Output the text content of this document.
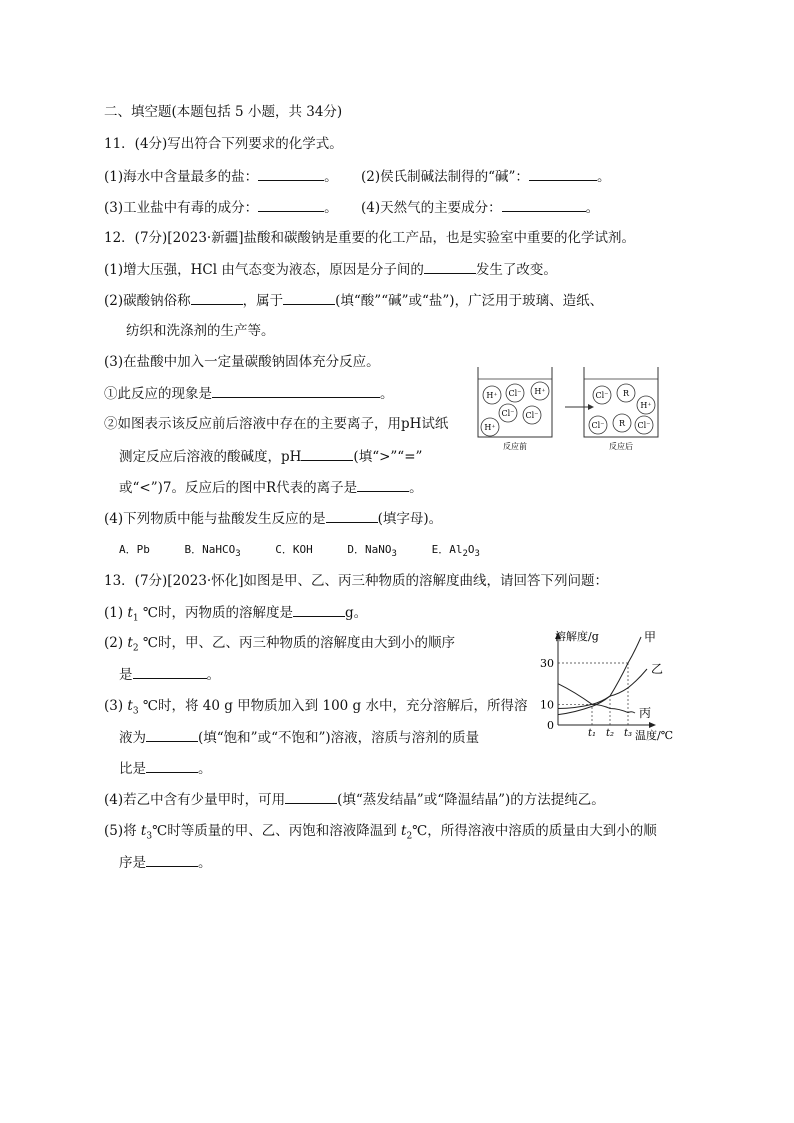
二、填空题(本题包括 5 小题，共 34分)
11．(4分)写出符合下列要求的化学式。
(1)海水中含量最多的盐：	。 (2)侯氏制碱法制得的“碱”：	。
(3)工业盐中有毒的成分：	。 (4)天然气的主要成分：	。
12．(7分)[2023·新疆]盐酸和碳酸钠是重要的化工产品，也是实验室中重要的化学试剂。
(1)增大压强，HCl 由气态变为液态，原因是分子间的	发生了改变。
(2)碳酸钠俗称	，属于	(填“酸”“碱”或“盐”)，广泛用于玻璃、造纸、
纺织和洗涤剂的生产等。
(3)在盐酸中加入一定量碳酸钠固体充分反应。
①此反应的现象是	。
②如图表示该反应前后溶液中存在的主要离子，用pH试纸
测定反应后溶液的酸碱度，pH	(填“>”“=”
或“<”)7。反应后的图中R代表的离子是	。
(4)下列物质中能与盐酸发生反应的是	(填字母)。
A．Pb	B．NaHCO$_3$	C．KOH	D．NaNO$_3$	E．$Al_2O_3$
H⁺ Cl⁻ H⁺
Cl⁻ Cl⁻
H⁺
反应前
Cl⁻ R
H⁺
Cl⁻ R Cl⁻
反应后
13．(7分)[2023·怀化]如图是甲、乙、丙三种物质的溶解度曲线，请回答下列问题：
(1) $t_1$ ℃时，丙物质的溶解度是	g。
(2) $t_2$ ℃时，甲、乙、丙三种物质的溶解度由大到小的顺序
是	。
(3) $t_3$ ℃时，将 40 g 甲物质加入到 100 g 水中，充分溶解后，所得溶
液为	(填“饱和”或“不饱和”)溶液，溶质与溶剂的质量
比是	。
(4)若乙中含有少量甲时，可用	(填“蒸发结晶”或“降温结晶”)的方法提纯乙。
(5)将 $t_3℃$时等质量的甲、乙、丙饱和溶液降温到 $t_2℃$，所得溶液中溶质的质量由大到小的顺
序是	。
甲
乙
丙
溶解度/g
温度/℃
0
10
30
t₁ t₂ t₃
